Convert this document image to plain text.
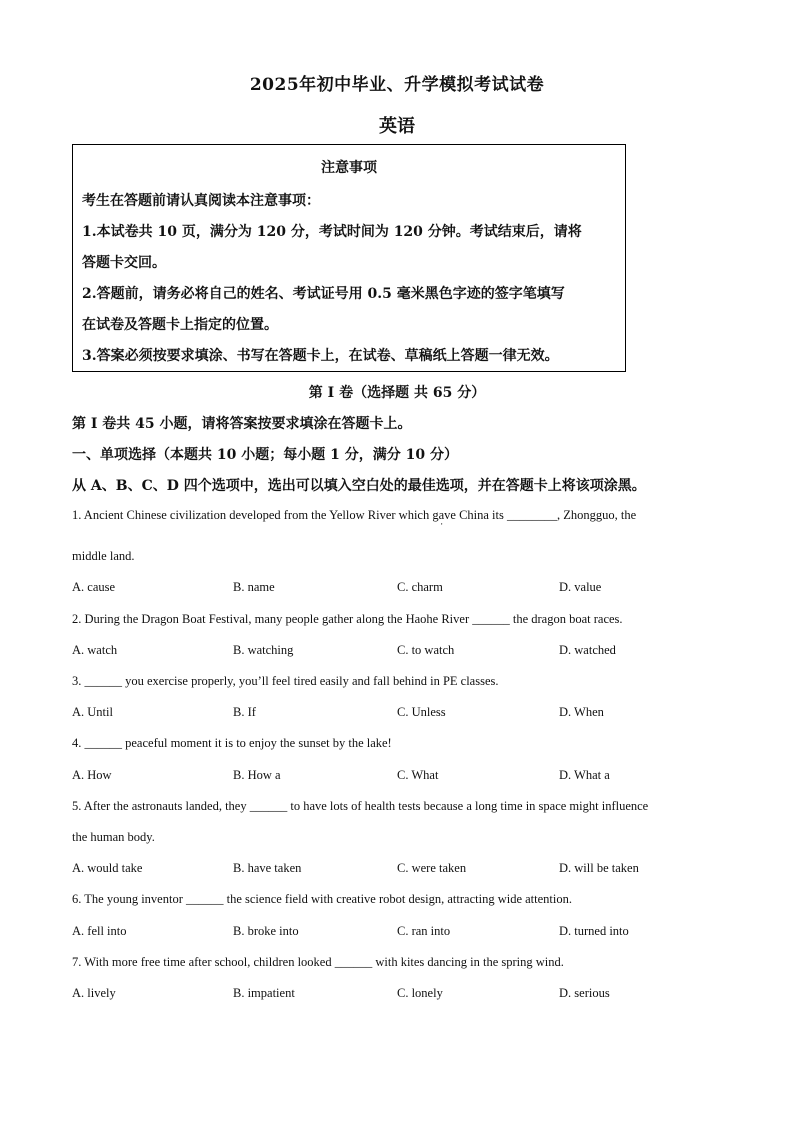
2025年初中毕业、升学模拟考试试卷
英语
注意事项
考生在答题前请认真阅读本注意事项：
1.本试卷共 10 页，满分为 120 分，考试时间为 120 分钟。考试结束后，请将
答题卡交回。
2.答题前，请务必将自己的姓名、考试证号用 0.5 毫米黑色字迹的签字笔填写
在试卷及答题卡上指定的位置。
3.答案必须按要求填涂、书写在答题卡上，在试卷、草稿纸上答题一律无效。
第 I 卷（选择题 共 65 分）
第 I 卷共 45 小题，请将答案按要求填涂在答题卡上。
一、单项选择（本题共 10 小题；每小题 1 分，满分 10 分）
从 A、B、C、D 四个选项中，选出可以填入空白处的最佳选项，并在答题卡上将该项涂黑。
1. Ancient Chinese civilization developed from the Yellow River which gave China its ________, Zhongguo, the
'
middle land.
A. cause	B. name	C. charm	D. value
2. During the Dragon Boat Festival, many people gather along the Haohe River ______ the dragon boat races.
A. watch	B. watching	C. to watch	D. watched
3. ______ you exercise properly, you’ll feel tired easily and fall behind in PE classes.
A. Until	B. If	C. Unless	D. When
4. ______ peaceful moment it is to enjoy the sunset by the lake!
A. How	B. How a	C. What	D. What a
5. After the astronauts landed, they ______ to have lots of health tests because a long time in space might influence
the human body.
A. would take	B. have taken	C. were taken	D. will be taken
6. The young inventor ______ the science field with creative robot design, attracting wide attention.
A. fell into	B. broke into	C. ran into	D. turned into
7. With more free time after school, children looked ______ with kites dancing in the spring wind.
A. lively	B. impatient	C. lonely	D. serious
